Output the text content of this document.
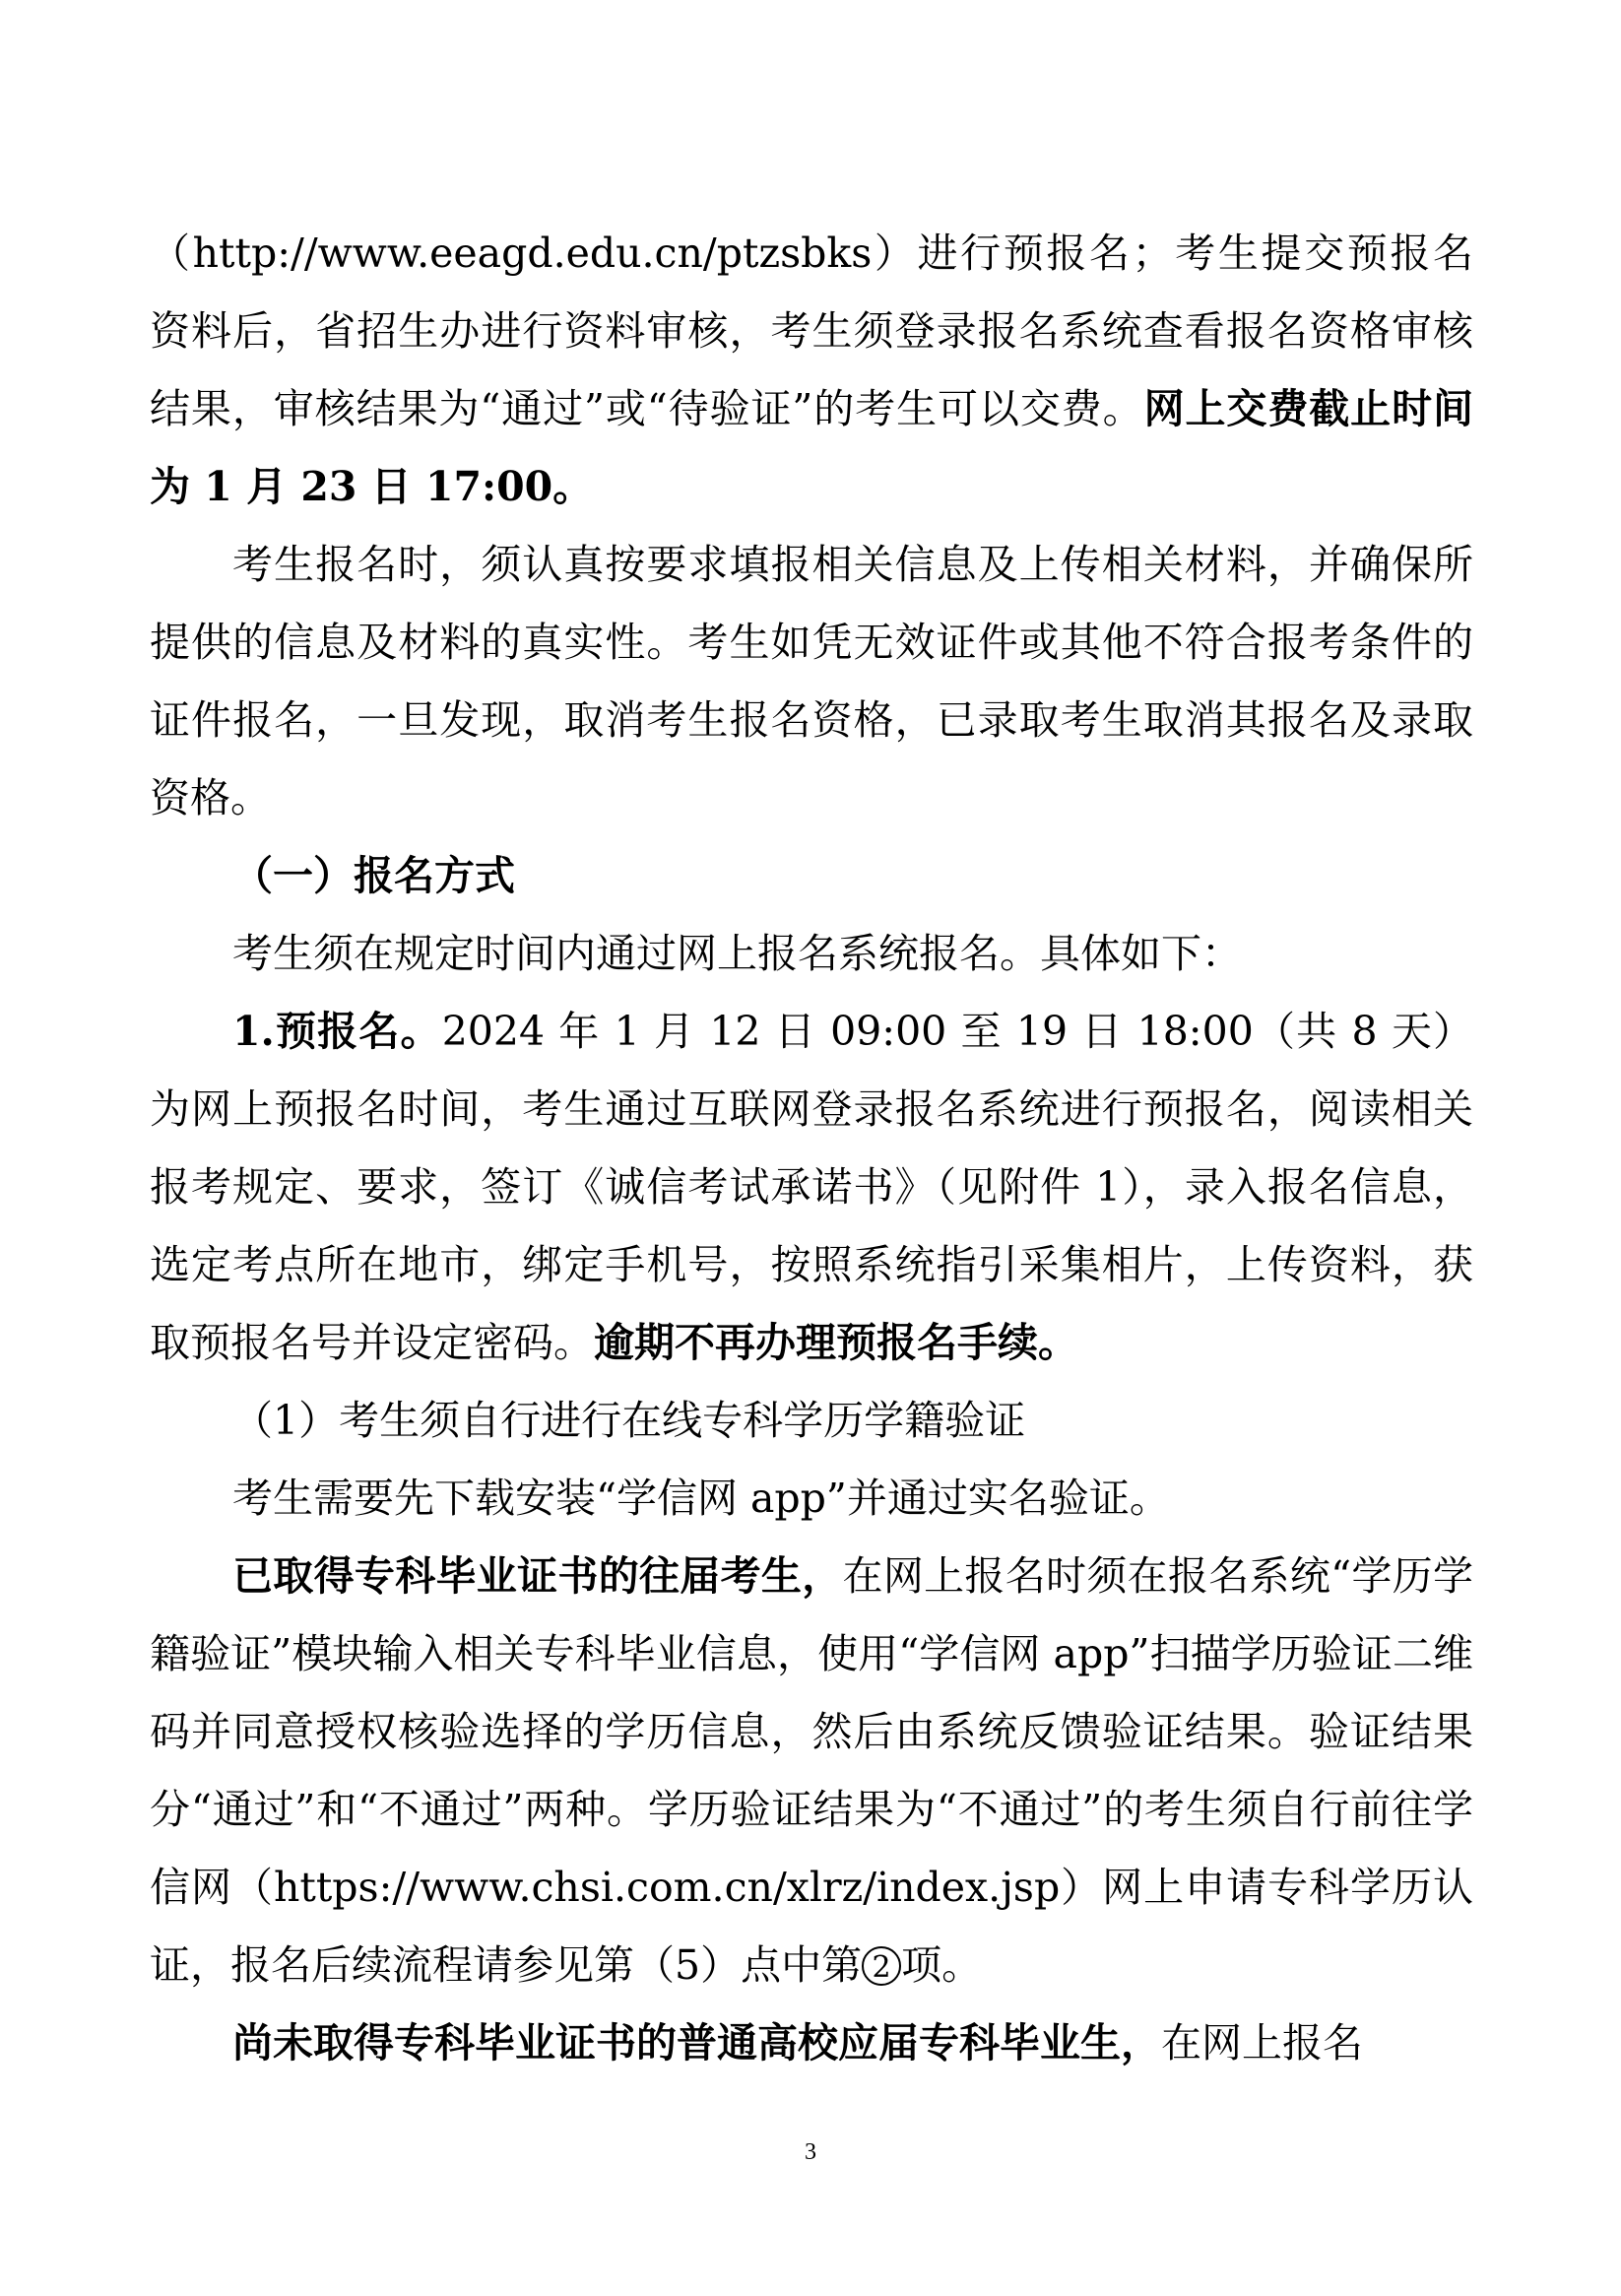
（http://www.eeagd.edu.cn/ptzsbks）进行预报名；考生提交预报名资料后，省招生办进行资料审核，考生须登录报名系统查看报名资格审核结果，审核结果为“通过”或“待验证”的考生可以交费。网上交费截止时间为 1 月 23 日 17:00。

考生报名时，须认真按要求填报相关信息及上传相关材料，并确保所提供的信息及材料的真实性。考生如凭无效证件或其他不符合报考条件的证件报名，一旦发现，取消考生报名资格，已录取考生取消其报名及录取资格。

（一）报名方式

考生须在规定时间内通过网上报名系统报名。具体如下：

1.预报名。2024 年 1 月 12 日 09:00 至 19 日 18:00（共 8 天）为网上预报名时间，考生通过互联网登录报名系统进行预报名，阅读相关报考规定、要求，签订《诚信考试承诺书》（见附件 1），录入报名信息，选定考点所在地市，绑定手机号，按照系统指引采集相片，上传资料，获取预报名号并设定密码。逾期不再办理预报名手续。

（1）考生须自行进行在线专科学历学籍验证

考生需要先下载安装“学信网 app”并通过实名验证。

已取得专科毕业证书的往届考生，在网上报名时须在报名系统“学历学籍验证”模块输入相关专科毕业信息，使用“学信网 app”扫描学历验证二维码并同意授权核验选择的学历信息，然后由系统反馈验证结果。验证结果分“通过”和“不通过”两种。学历验证结果为“不通过”的考生须自行前往学信网（https://www.chsi.com.cn/xlrz/index.jsp）网上申请专科学历认证，报名后续流程请参见第（5）点中第 2 项。

尚未取得专科毕业证书的普通高校应届专科毕业生，在网上报名

3
